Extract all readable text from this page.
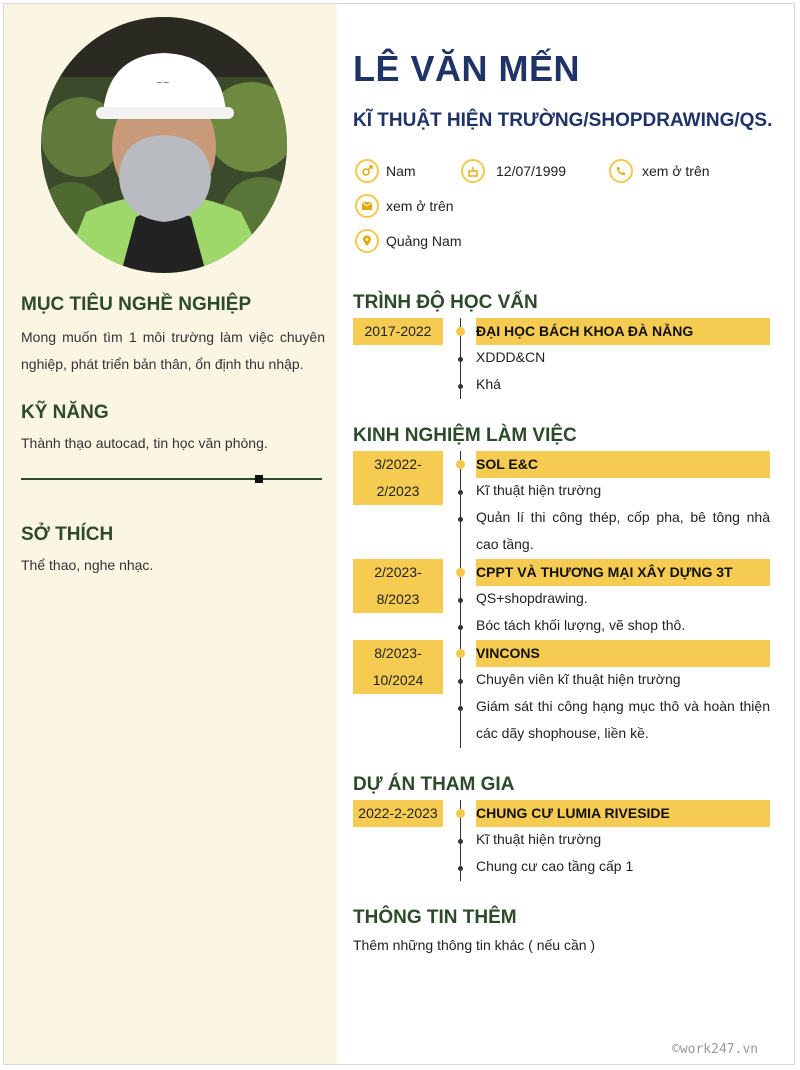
~~
MỤC TIÊU NGHỀ NGHIỆP

Mong muốn tìm 1 môi trường làm việc chuyên nghiệp, phát triển bản thân, ổn định thu nhập.

KỸ NĂNG

Thành thạo autocad, tin học văn phòng.

SỞ THÍCH

Thể thao, nghe nhạc.

LÊ VĂN MẾN
KĨ THUẬT HIỆN TRƯỜNG/SHOPDRAWING/QS.
Nam	12/07/1999	xem ở trên
xem ở trên
Quảng Nam
TRÌNH ĐỘ HỌC VẤN
2017-2022	ĐẠI HỌC BÁCH KHOA ĐÀ NẴNG

XDDD&CN

Khá

KINH NGHIỆM LÀM VIỆC
3/2022-
2/2023
SOL E&C

Kĩ thuật hiện trường

Quản lí thi công thép, cốp pha, bê tông nhà cao tầng.

2/2023-
8/2023
CPPT VÀ THƯƠNG MẠI XÂY DỰNG 3T

QS+shopdrawing.

Bóc tách khối lượng, vẽ shop thô.

8/2023-
10/2024
VINCONS

Chuyên viên kĩ thuật hiện trường

Giám sát thi công hạng mục thô và hoàn thiện các dãy shophouse, liền kề.

DỰ ÁN THAM GIA
2022-2-2023	CHUNG CƯ LUMIA RIVESIDE

Kĩ thuật hiện trường

Chung cư cao tầng cấp 1

THÔNG TIN THÊM

Thêm những thông tin khác ( nếu cần )

©work247.vn
